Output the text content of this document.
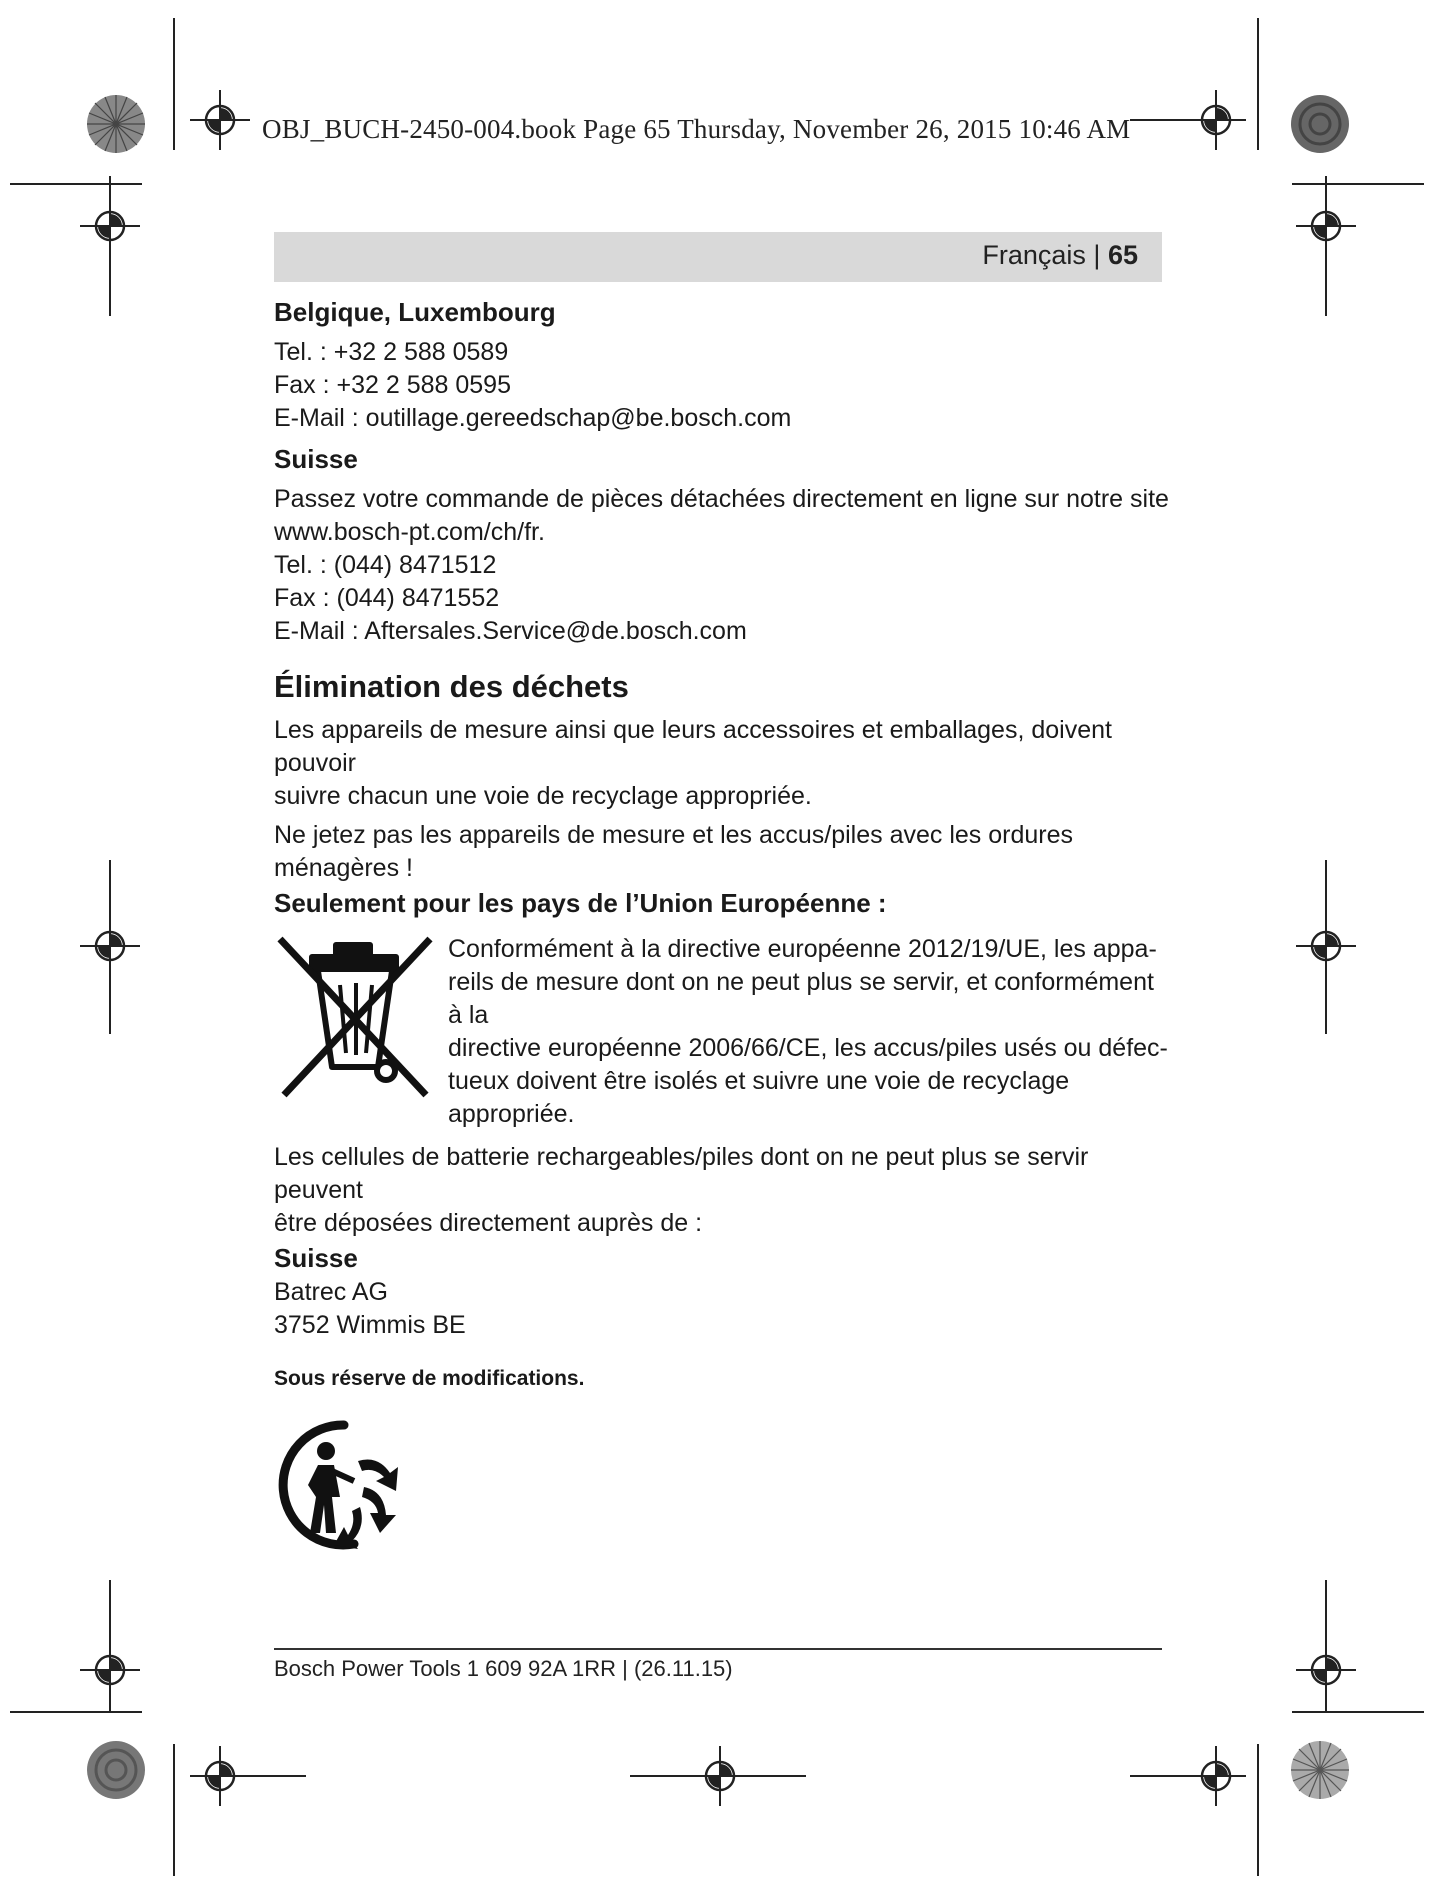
OBJ_BUCH-2450-004.book Page 65 Thursday, November 26, 2015 10:46 AM
Français | 65

Belgique, Luxembourg

Tel. : +32 2 588 0589

Fax : +32 2 588 0595

E-Mail : outillage.gereedschap@be.bosch.com

Suisse

Passez votre commande de pièces détachées directement en ligne sur notre site

www.bosch-pt.com/ch/fr.

Tel. : (044) 8471512

Fax : (044) 8471552

E-Mail : Aftersales.Service@de.bosch.com

Élimination des déchets

Les appareils de mesure ainsi que leurs accessoires et emballages, doivent pouvoir

suivre chacun une voie de recyclage appropriée.

Ne jetez pas les appareils de mesure et les accus/piles avec les ordures ménagères !

Seulement pour les pays de l’Union Européenne :

Conformément à la directive européenne 2012/19/UE, les appa-

reils de mesure dont on ne peut plus se servir, et conformément à la

directive européenne 2006/66/CE, les accus/piles usés ou défec-

tueux doivent être isolés et suivre une voie de recyclage appropriée.

Les cellules de batterie rechargeables/piles dont on ne peut plus se servir peuvent

être déposées directement auprès de :

Suisse

Batrec AG

3752 Wimmis BE

Sous réserve de modifications.

Bosch Power Tools 1 609 92A 1RR | (26.11.15)
